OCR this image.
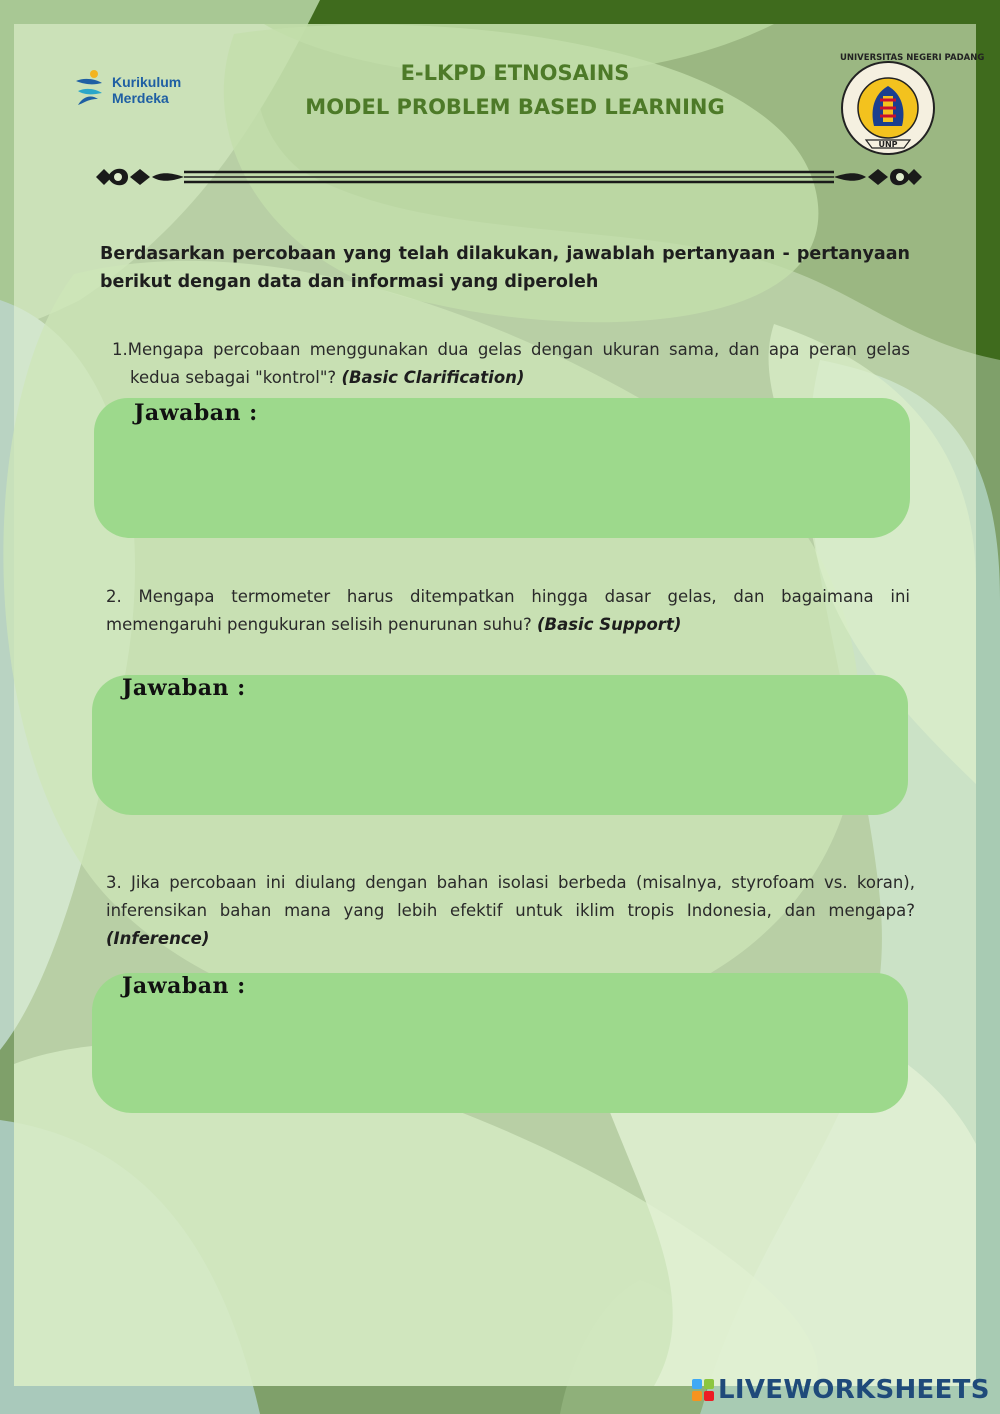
Kurikulum
Merdeka
E-LKPD ETNOSAINS
MODEL PROBLEM BASED LEARNING
UNIVERSITAS NEGERI PADANG
UNP
Berdasarkan percobaan yang telah dilakukan, jawablah pertanyaan - pertanyaan berikut dengan data dan informasi yang diperoleh
1.Mengapa percobaan menggunakan dua gelas dengan ukuran sama, dan apa peran gelas kedua sebagai "kontrol"? (Basic Clarification)
Jawaban :
2. Mengapa termometer harus ditempatkan hingga dasar gelas, dan bagaimana ini memengaruhi pengukuran selisih penurunan suhu? (Basic Support)
Jawaban :
3. Jika percobaan ini diulang dengan bahan isolasi berbeda (misalnya, styrofoam vs. koran), inferensikan bahan mana yang lebih efektif untuk iklim tropis Indonesia, dan mengapa?(Inference)
Jawaban :
LIVEWORKSHEETS
